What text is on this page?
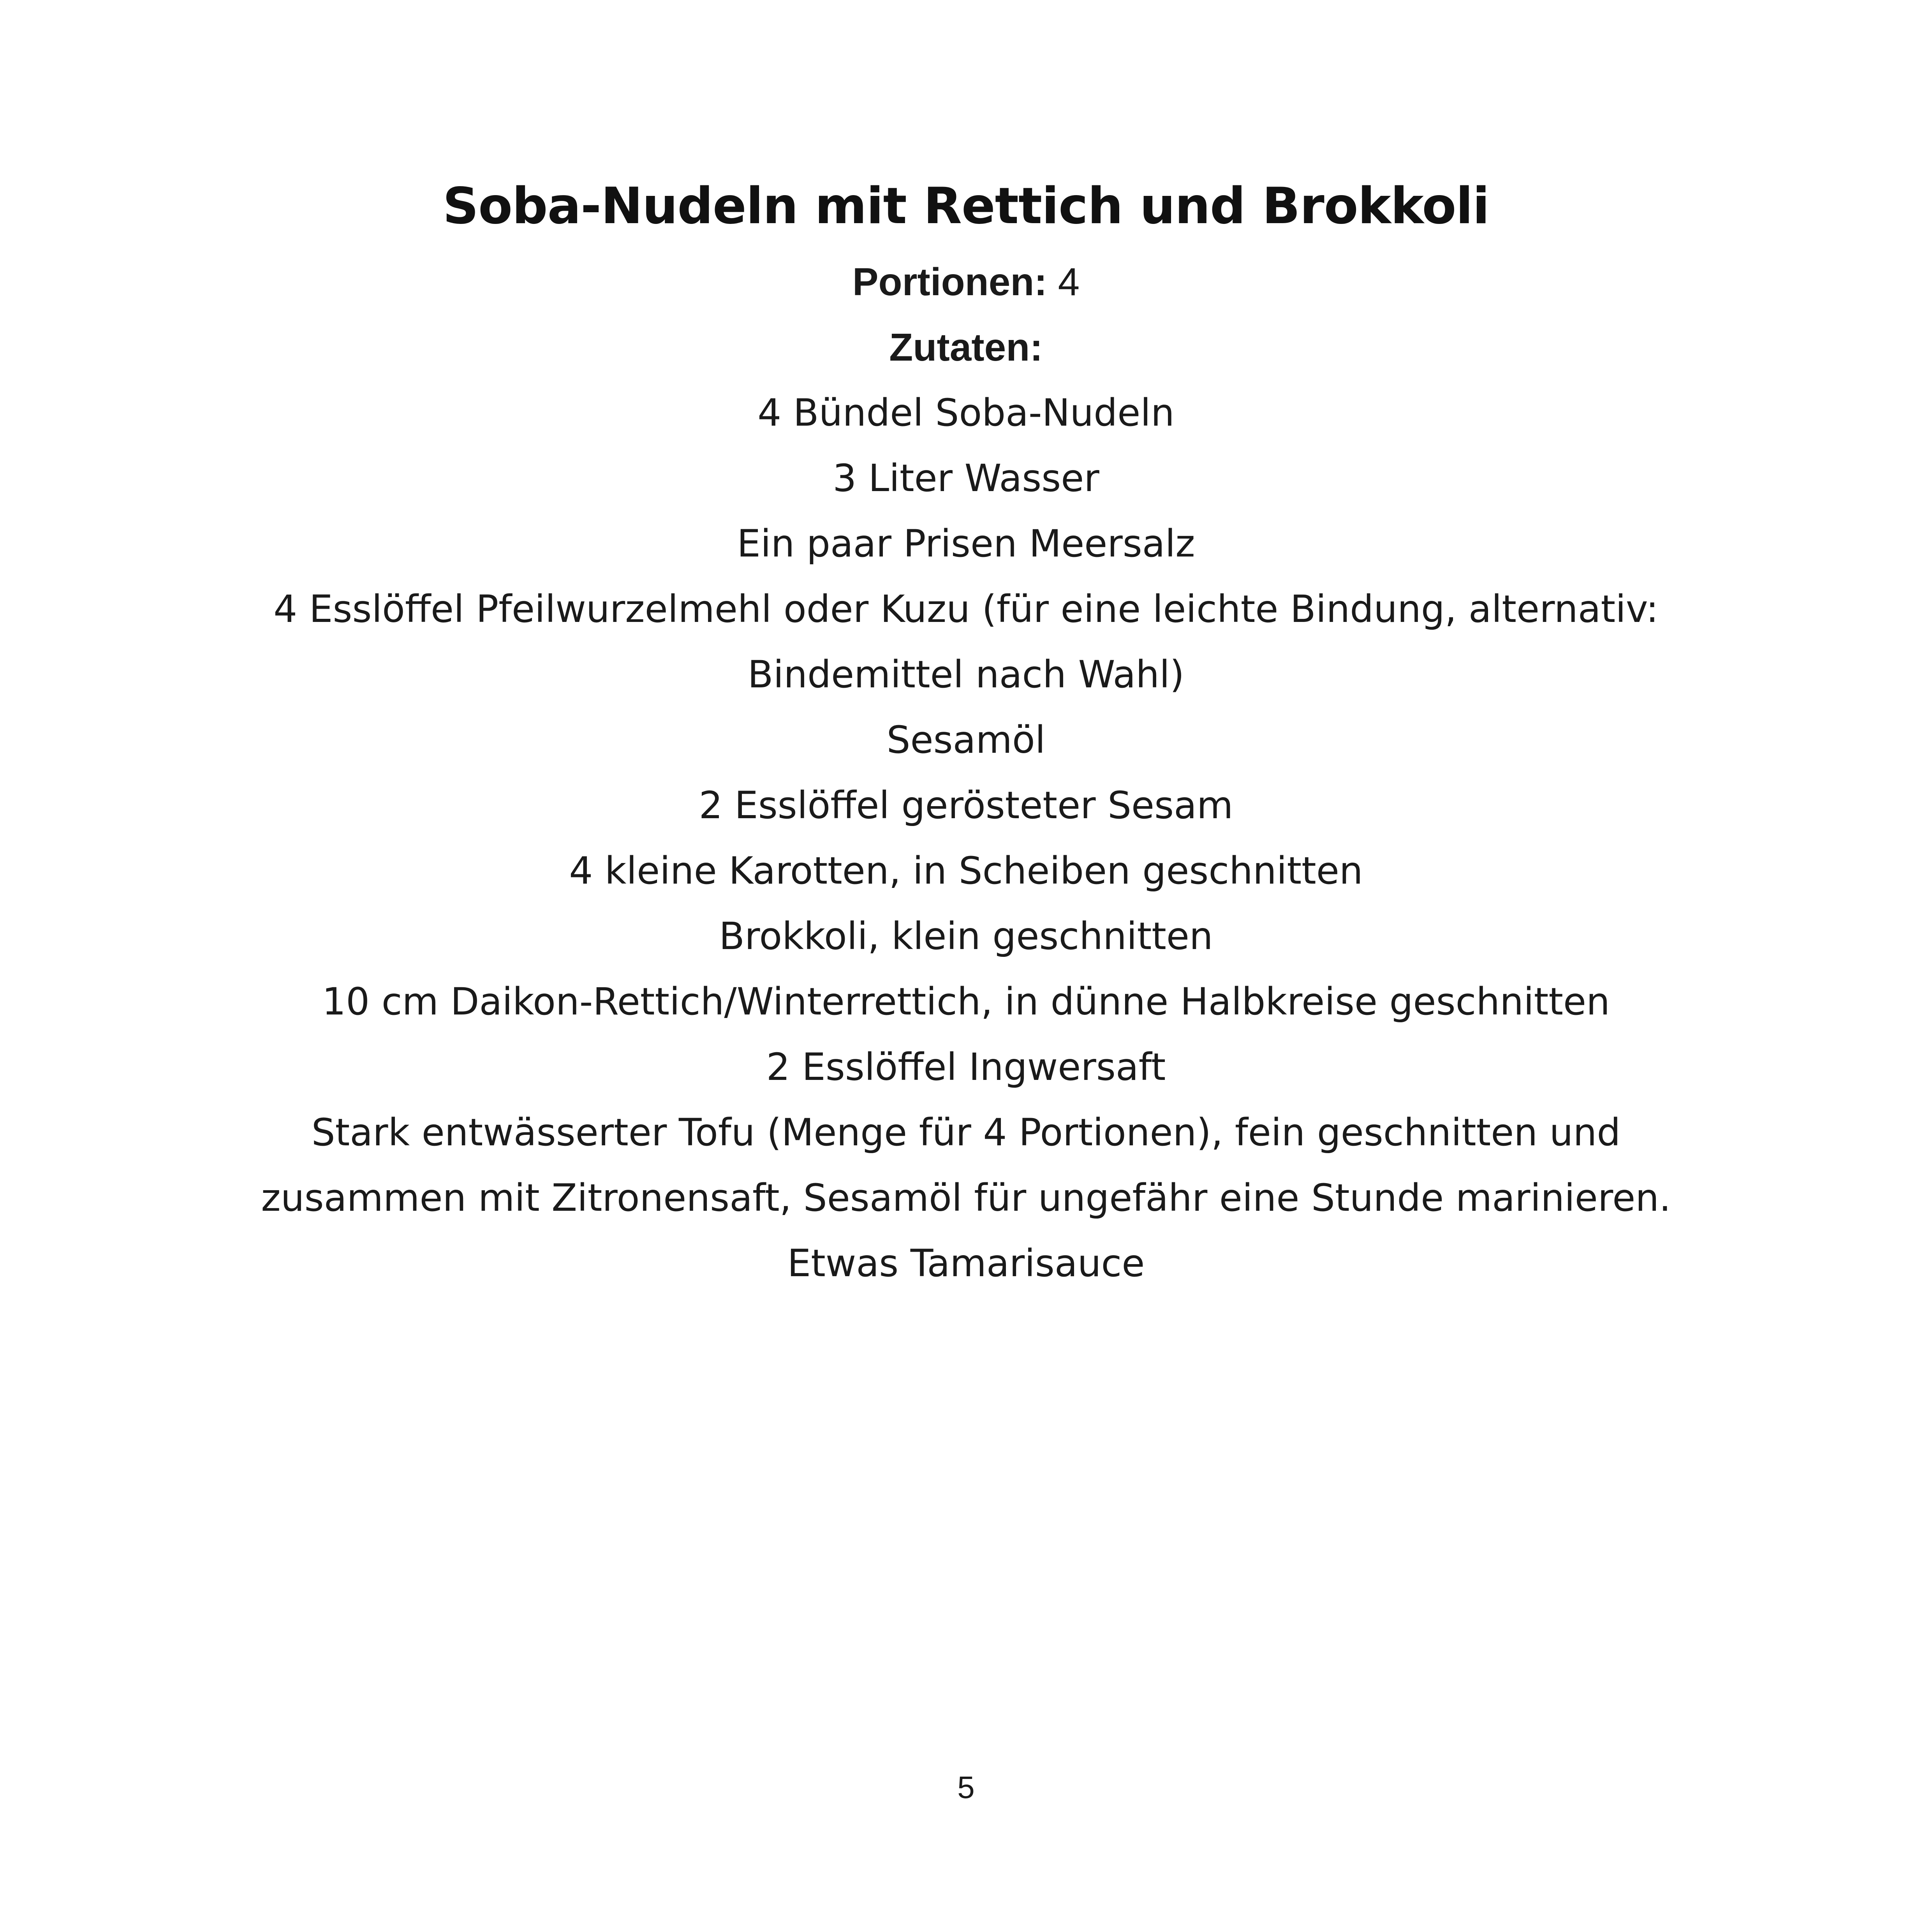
Soba-Nudeln mit Rettich und Brokkoli

Portionen: 4

Zutaten:

4 Bündel Soba-Nudeln
3 Liter Wasser
Ein paar Prisen Meersalz
4 Esslöffel Pfeilwurzelmehl oder Kuzu (für eine leichte Bindung, alternativ: Bindemittel nach Wahl)
Sesamöl
2 Esslöffel gerösteter Sesam
4 kleine Karotten, in Scheiben geschnitten
Brokkoli, klein geschnitten
10 cm Daikon-Rettich/Winterrettich, in dünne Halbkreise geschnitten
2 Esslöffel Ingwersaft
Stark entwässerter Tofu (Menge für 4 Portionen), fein geschnitten und zusammen mit Zitronensaft, Sesamöl für ungefähr eine Stunde marinieren.
Etwas Tamarisauce
5
